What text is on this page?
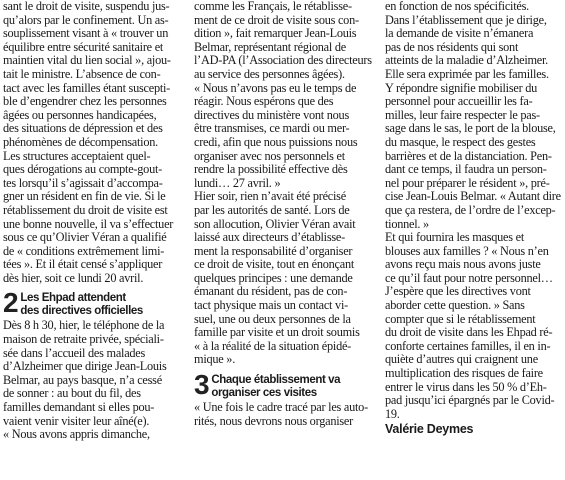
sant le droit de visite, suspendu jus-
qu’alors par le confinement. Un as-
souplissement visant à « trouver un
équilibre entre sécurité sanitaire et
maintien vital du lien social », ajou-
tait le ministre. L’absence de con-
tact avec les familles étant suscepti-
ble d’engendrer chez les personnes
âgées ou personnes handicapées,
des situations de dépression et des
phénomènes de décompensation.

Les structures acceptaient quel-
ques dérogations au compte-gout-
tes lorsqu’il s’agissait d’accompa-
gner un résident en fin de vie. Si le
rétablissement du droit de visite est
une bonne nouvelle, il va s’effectuer
sous ce qu’Olivier Véran a qualifié
de « conditions extrêmement limi-
tées ». Et il était censé s’appliquer
dès hier, soit ce lundi 20 avril.

2 Les Ehpad attendent
des directives officielles

Dès 8 h 30, hier, le téléphone de la
maison de retraite privée, spéciali-
sée dans l’accueil des malades
d’Alzheimer que dirige Jean-Louis
Belmar, au pays basque, n’a cessé
de sonner : au bout du fil, des
familles demandant si elles pou-
vaient venir visiter leur aîné(e).
« Nous avons appris dimanche,

comme les Français, le rétablisse-
ment de ce droit de visite sous con-
dition », fait remarquer Jean-Louis
Belmar, représentant régional de
l’AD-PA (l’Association des directeurs
au service des personnes âgées).
« Nous n’avons pas eu le temps de
réagir. Nous espérons que des
directives du ministère vont nous
être transmises, ce mardi ou mer-
credi, afin que nous puissions nous
organiser avec nos personnels et
rendre la possibilité effective dès
lundi… 27 avril. »

Hier soir, rien n’avait été précisé
par les autorités de santé. Lors de
son allocution, Olivier Véran avait
laissé aux directeurs d’établisse-
ment la responsabilité d’organiser
ce droit de visite, tout en énonçant
quelques principes : une demande
émanant du résident, pas de con-
tact physique mais un contact vi-
suel, une ou deux personnes de la
famille par visite et un droit soumis
« à la réalité de la situation épidé-
mique ».

3 Chaque établissement va
organiser ces visites

« Une fois le cadre tracé par les auto-
rités, nous devrons nous organiser

en fonction de nos spécificités.
Dans l’établissement que je dirige,
la demande de visite n’émanera
pas de nos résidents qui sont
atteints de la maladie d’Alzheimer.
Elle sera exprimée par les familles.
Y répondre signifie mobiliser du
personnel pour accueillir les fa-
milles, leur faire respecter le pas-
sage dans le sas, le port de la blouse,
du masque, le respect des gestes
barrières et de la distanciation. Pen-
dant ce temps, il faudra un person-
nel pour préparer le résident », pré-
cise Jean-Louis Belmar. « Autant dire
que ça restera, de l’ordre de l’excep-
tionnel. »

Et qui fournira les masques et
blouses aux familles ? « Nous n’en
avons reçu mais nous avons juste
ce qu’il faut pour notre personnel…
J’espère que les directives vont
aborder cette question. » Sans
compter que si le rétablissement
du droit de visite dans les Ehpad ré-
conforte certaines familles, il en in-
quiète d’autres qui craignent une
multiplication des risques de faire
entrer le virus dans les 50 % d’Eh-
pad jusqu’ici épargnés par le Covid-
19.

Valérie Deymes
